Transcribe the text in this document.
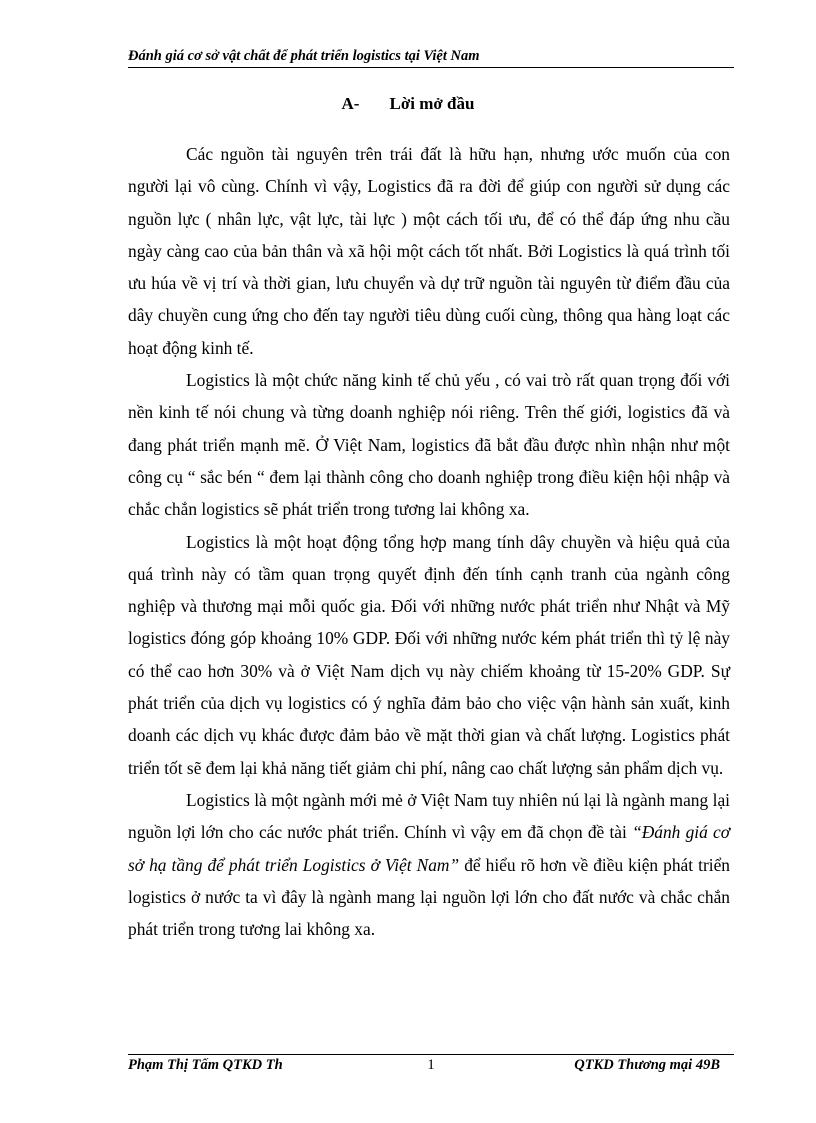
Đánh giá cơ sở vật chất để phát triển logistics tại Việt Nam
A- Lời mở đầu

Các nguồn tài nguyên trên trái đất là hữu hạn, nhưng ước muốn của con người lại vô cùng. Chính vì vậy, Logistics đã ra đời để giúp con người sử dụng các nguồn lực ( nhân lực, vật lực, tài lực ) một cách tối ưu, để có thể đáp ứng nhu cầu ngày càng cao của bản thân và xã hội một cách tốt nhất. Bởi Logistics là quá trình tối ưu húa về vị trí và thời gian, lưu chuyển và dự trữ nguồn tài nguyên từ điểm đầu của dây chuyền cung ứng cho đến tay người tiêu dùng cuối cùng, thông qua hàng loạt các hoạt động kinh tế.

Logistics là một chức năng kinh tế chủ yếu , có vai trò rất quan trọng đối với nền kinh tế nói chung và từng doanh nghiệp nói riêng. Trên thế giới, logistics đã và đang phát triển mạnh mẽ. Ở Việt Nam, logistics đã bắt đầu được nhìn nhận như một công cụ “ sắc bén “ đem lại thành công cho doanh nghiệp trong điều kiện hội nhập và chắc chắn logistics sẽ phát triển trong tương lai không xa.

Logistics là một hoạt động tổng hợp mang tính dây chuyền và hiệu quả của quá trình này có tầm quan trọng quyết định đến tính cạnh tranh của ngành công nghiệp và thương mại mỗi quốc gia. Đối với những nước phát triển như Nhật và Mỹ logistics đóng góp khoảng 10% GDP. Đối với những nước kém phát triển thì tỷ lệ này có thể cao hơn 30% và ở Việt Nam dịch vụ này chiếm khoảng từ 15-20% GDP. Sự phát triển của dịch vụ logistics có ý nghĩa đảm bảo cho việc vận hành sản xuất, kinh doanh các dịch vụ khác được đảm bảo về mặt thời gian và chất lượng. Logistics phát triển tốt sẽ đem lại khả năng tiết giảm chi phí, nâng cao chất lượng sản phẩm dịch vụ.

Logistics là một ngành mới mẻ ở Việt Nam tuy nhiên nú lại là ngành mang lại nguồn lợi lớn cho các nước phát triển. Chính vì vậy em đã chọn đề tài “Đánh giá cơ sở hạ tầng để phát triển Logistics ở Việt Nam” để hiểu rõ hơn về điều kiện phát triển logistics ở nước ta vì đây là ngành mang lại nguồn lợi lớn cho đất nước và chắc chắn phát triển trong tương lai không xa.

Phạm Thị Tấm QTKD Th	1	QTKD Thương mại 49B
